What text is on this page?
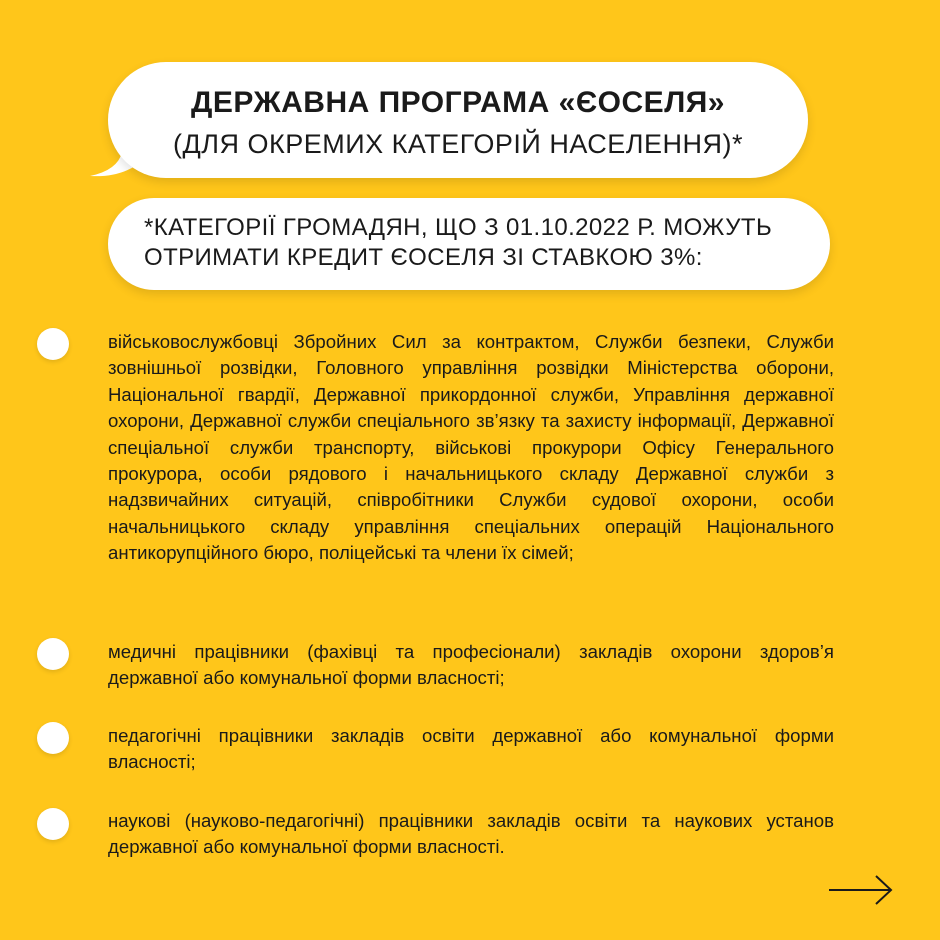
ДЕРЖАВНА ПРОГРАМА «ЄОСЕЛЯ»
(ДЛЯ ОКРЕМИХ КАТЕГОРІЙ НАСЕЛЕННЯ)*
*КАТЕГОРІЇ ГРОМАДЯН, ЩО З 01.10.2022 Р. МОЖУТЬ
ОТРИМАТИ КРЕДИТ ЄОСЕЛЯ ЗІ СТАВКОЮ 3%:
військовослужбовці Збройних Сил за контрактом, Служби безпеки, Служби зовнішньої розвідки, Головного управління розвідки Міністерства оборони, Національної гвардії, Державної прикордонної служби, Управління державної охорони, Державної служби спеціального зв’язку та захисту інформації, Державної спеціальної служби транспорту, військові прокурори Офісу Генерального прокурора, особи рядового і начальницького складу Державної служби з надзвичайних ситуацій, співробітники Служби судової охорони, особи начальницького складу управління спеціальних операцій Національного антикорупційного бюро, поліцейські та члени їх сімей;
медичні працівники (фахівці та професіонали) закладів охорони здоров’я державної або комунальної форми власності;
педагогічні працівники закладів освіти державної або комунальної форми власності;
наукові (науково-педагогічні) працівники закладів освіти та наукових установ державної або комунальної форми власності.
